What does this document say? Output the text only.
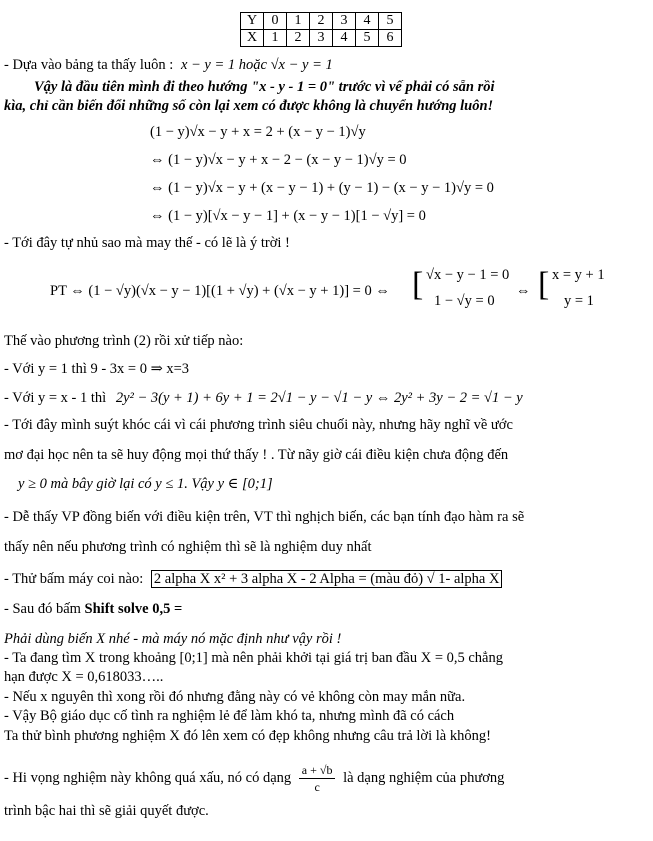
Y	0	1	2	3	4	5
X	1	2	3	4	5	6
- Dựa vào bảng ta thấy luôn : x − y = 1 hoặc √x − y = 1
Vậy là đầu tiên mình đi theo hướng "x - y - 1 = 0" trước vì vế phải có sẵn rồi
kìa, chỉ cần biến đổi những số còn lại xem có được không là chuyển hướng luôn!
(1 − y)√x − y + x = 2 + (x − y − 1)√y
⇔ (1 − y)√x − y + x − 2 − (x − y − 1)√y = 0
⇔ (1 − y)√x − y + (x − y − 1) + (y − 1) − (x − y − 1)√y = 0
⇔ (1 − y)[√x − y − 1] + (x − y − 1)[1 − √y] = 0
- Tới đây tự nhủ sao mà may thế - có lẽ là ý trời !
PT ⇔ (1 − √y)(√x − y − 1)[(1 + √y) + (√x − y + 1)] = 0 ⇔ [ √x − y − 1 = 0
1 − √y = 0
⇔ [ x = y + 1
y = 1
Thế vào phương trình (2) rồi xử tiếp nào:
- Với y = 1 thì 9 - 3x = 0 ⇒ x=3
- Với y = x - 1 thì 2y² − 3(y + 1) + 6y + 1 = 2√1 − y − √1 − y ⇔ 2y² + 3y − 2 = √1 − y
- Tới đây mình suýt khóc cái vì cái phương trình siêu chuối này, nhưng hãy nghĩ về ước
mơ đại học nên ta sẽ huy động mọi thứ thấy ! . Từ nãy giờ cái điều kiện chưa động đến
y ≥ 0 mà bây giờ lại có y ≤ 1. Vậy y ∈ [0;1]
- Dễ thấy VP đồng biến với điều kiện trên, VT thì nghịch biến, các bạn tính đạo hàm ra sẽ
thấy nên nếu phương trình có nghiệm thì sẽ là nghiệm duy nhất
- Thử bấm máy coi nào: 2 alpha X x² + 3 alpha X - 2 Alpha = (màu đỏ) √ 1- alpha X
- Sau đó bấm Shift solve 0,5 =
Phải dùng biến X nhé - mà máy nó mặc định như vậy rồi !
- Ta đang tìm X trong khoảng [0;1] mà nên phải khởi tại giá trị ban đầu X = 0,5 chẳng
hạn được X = 0,618033…..
- Nếu x nguyên thì xong rồi đó nhưng đằng này có vẻ không còn may mắn nữa.
- Vậy Bộ giáo dục cố tình ra nghiệm lẻ để làm khó ta, nhưng mình đã có cách
Ta thử bình phương nghiệm X đó lên xem có đẹp không nhưng câu trả lời là không!
- Hi vọng nghiệm này không quá xấu, nó có dạng $\frac{a + √b}{c}$ là dạng nghiệm của phương
trình bậc hai thì sẽ giải quyết được.
